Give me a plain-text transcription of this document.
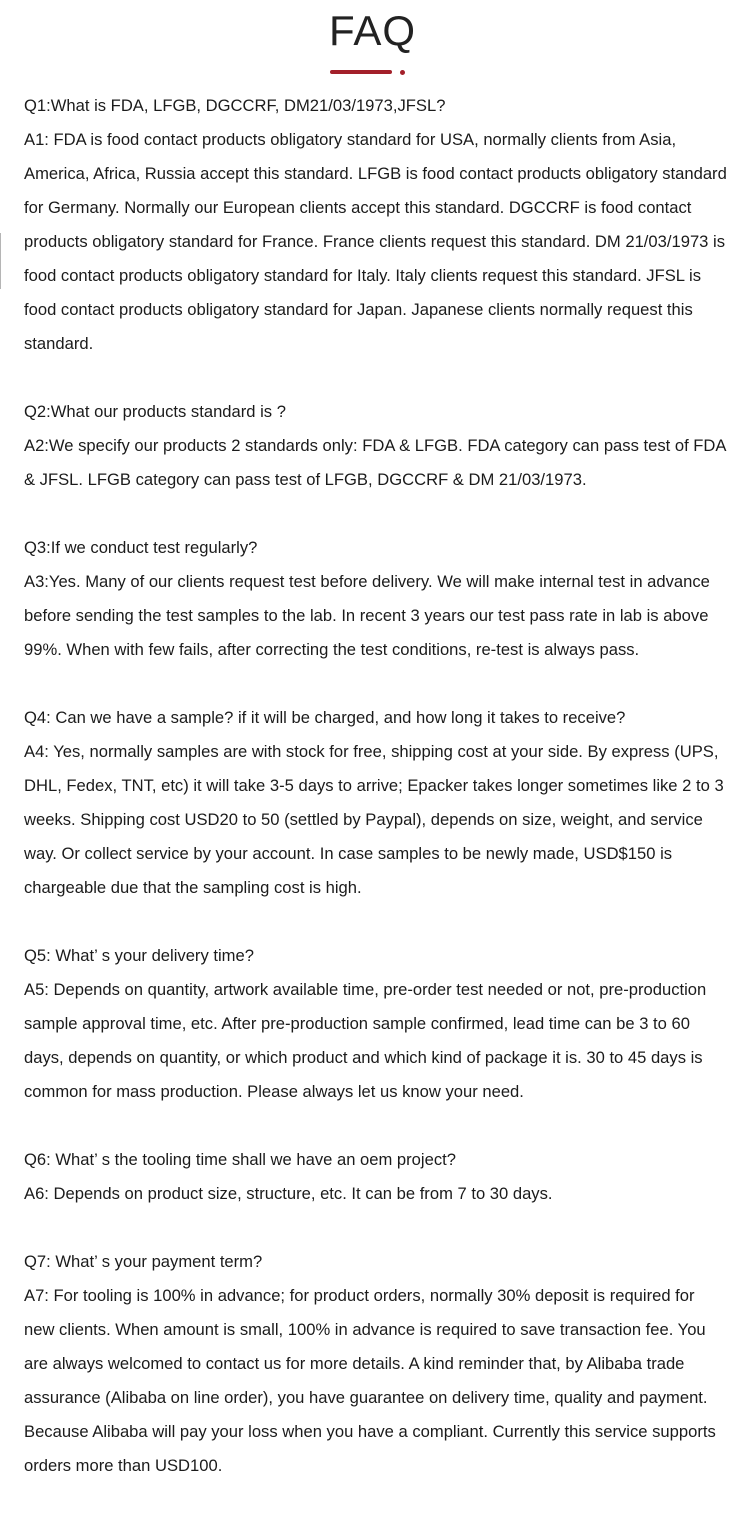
FAQ
Q1:What is FDA, LFGB, DGCCRF, DM21/03/1973,JFSL?
A1: FDA is food contact products obligatory standard for USA, normally clients from Asia, America, Africa, Russia accept this standard. LFGB is food contact products obligatory standard for Germany. Normally our European clients accept this standard. DGCCRF is food contact products obligatory standard for France. France clients request this standard. DM 21/03/1973 is food contact products obligatory standard for Italy. Italy clients request this standard. JFSL is food contact products obligatory standard for Japan. Japanese clients normally request this standard.
Q2:What our products standard is ?
A2:We specify our products 2 standards only: FDA & LFGB. FDA category can pass test of FDA & JFSL. LFGB category can pass test of LFGB, DGCCRF & DM 21/03/1973.
Q3:If we conduct test regularly?
A3:Yes. Many of our clients request test before delivery. We will make internal test in advance before sending the test samples to the lab. In recent 3 years our test pass rate in lab is above 99%. When with few fails, after correcting the test conditions, re-test is always pass.
Q4: Can we have a sample? if it will be charged, and how long it takes to receive?
A4: Yes, normally samples are with stock for free, shipping cost at your side. By express (UPS, DHL, Fedex, TNT, etc) it will take 3-5 days to arrive; Epacker takes longer sometimes like 2 to 3 weeks. Shipping cost USD20 to 50 (settled by Paypal), depends on size, weight, and service way. Or collect service by your account. In case samples to be newly made, USD$150 is chargeable due that the sampling cost is high.
Q5: What’ s your delivery time?
A5: Depends on quantity, artwork available time, pre-order test needed or not, pre-production sample approval time, etc. After pre-production sample confirmed, lead time can be 3 to 60 days, depends on quantity, or which product and which kind of package it is. 30 to 45 days is common for mass production. Please always let us know your need.
Q6: What’ s the tooling time shall we have an oem project?
A6: Depends on product size, structure, etc. It can be from 7 to 30 days.
Q7: What’ s your payment term?
A7: For tooling is 100% in advance; for product orders, normally 30% deposit is required for new clients. When amount is small, 100% in advance is required to save transaction fee. You are always welcomed to contact us for more details. A kind reminder that, by Alibaba trade assurance (Alibaba on line order), you have guarantee on delivery time, quality and payment. Because Alibaba will pay your loss when you have a compliant. Currently this service supports orders more than USD100.
